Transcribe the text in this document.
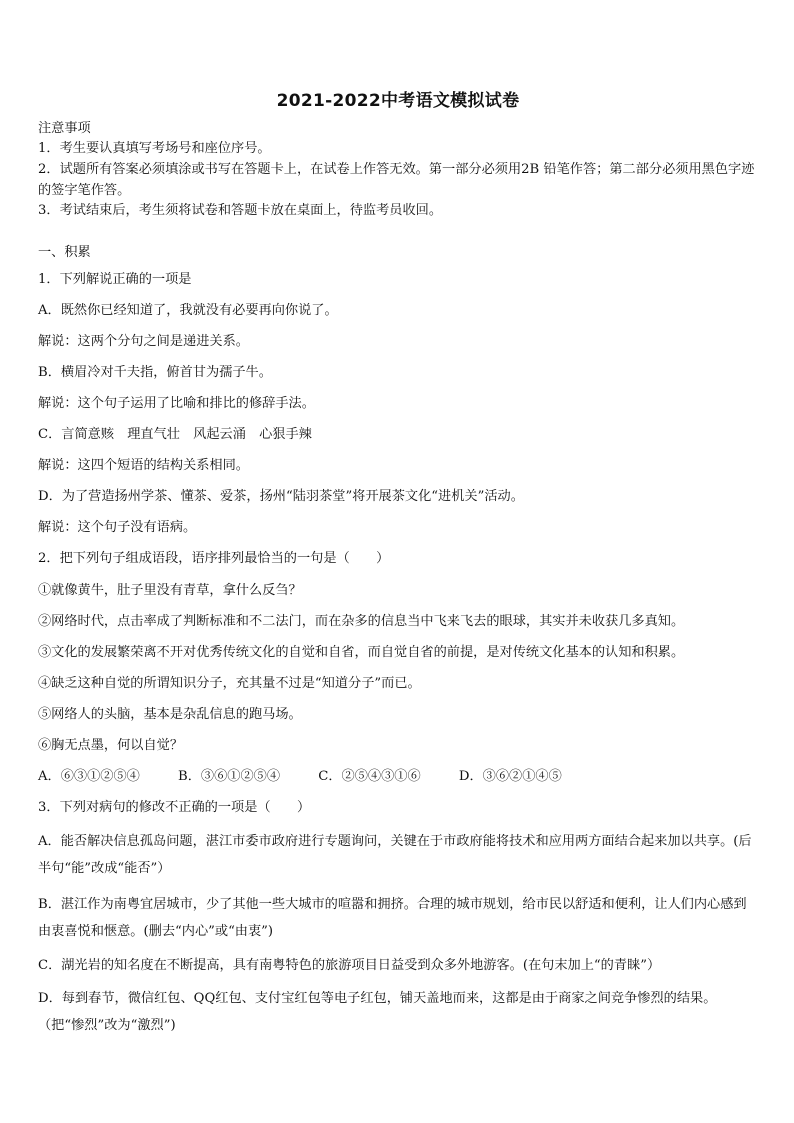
2021-2022中考语文模拟试卷
注意事项
1．考生要认真填写考场号和座位序号。
2．试题所有答案必须填涂或书写在答题卡上，在试卷上作答无效。第一部分必须用2B 铅笔作答；第二部分必须用黑色字迹的签字笔作答。
3．考试结束后，考生须将试卷和答题卡放在桌面上，待监考员收回。
一、积累
1．下列解说正确的一项是
A．既然你已经知道了，我就没有必要再向你说了。
解说：这两个分句之间是递进关系。
B．横眉冷对千夫指，俯首甘为孺子牛。
解说：这个句子运用了比喻和排比的修辞手法。
C．言简意赅　理直气壮　风起云涌　心狠手辣
解说：这四个短语的结构关系相同。
D．为了营造扬州学茶、懂茶、爱茶，扬州“陆羽茶堂”将开展茶文化“进机关”活动。
解说：这个句子没有语病。
2．把下列句子组成语段，语序排列最恰当的一句是（　　）
①就像黄牛，肚子里没有青草，拿什么反刍？
②网络时代，点击率成了判断标准和不二法门，而在杂多的信息当中飞来飞去的眼球，其实并未收获几多真知。
③文化的发展繁荣离不开对优秀传统文化的自觉和自省，而自觉自省的前提，是对传统文化基本的认知和积累。
④缺乏这种自觉的所谓知识分子，充其量不过是“知道分子”而已。
⑤网络人的头脑，基本是杂乱信息的跑马场。
⑥胸无点墨，何以自觉？
A．⑥③①②⑤④	B．③⑥①②⑤④	C．②⑤④③①⑥	D．③⑥②①④⑤
3．下列对病句的修改不正确的一项是（　　）
A．能否解决信息孤岛问题，湛江市委市政府进行专题询问，关键在于市政府能将技术和应用两方面结合起来加以共享。(后半句“能”改成“能否”）
B．湛江作为南粤宜居城市，少了其他一些大城市的喧嚣和拥挤。合理的城市规划，给市民以舒适和便利，让人们内心感到由衷喜悦和惬意。(删去“内心”或“由衷”)
C．湖光岩的知名度在不断提高，具有南粤特色的旅游项目日益受到众多外地游客。(在句末加上“的青睐”）
D．每到春节，微信红包、QQ红包、支付宝红包等电子红包，铺天盖地而来，这都是由于商家之间竞争惨烈的结果。（把“惨烈”改为“激烈”)
